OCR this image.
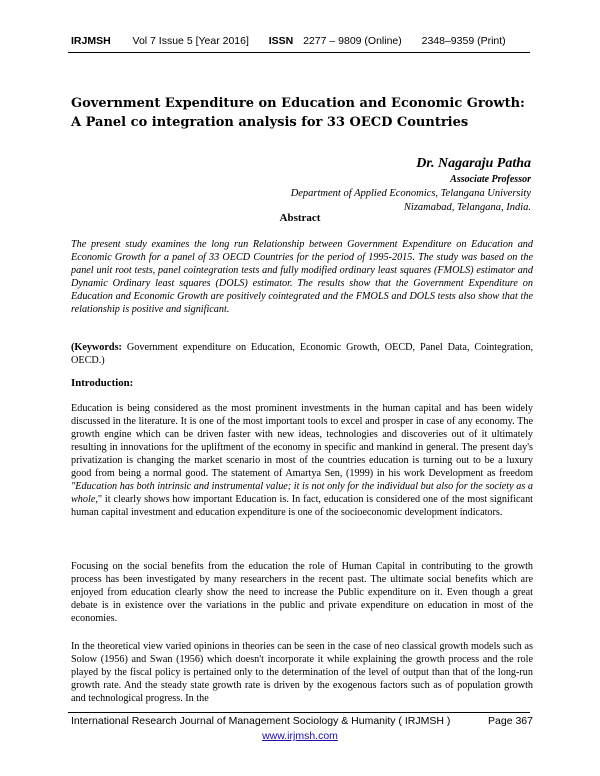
IRJMSH Vol 7 Issue 5 [Year 2016] ISSN 2277 – 9809 (Online) 2348–9359 (Print)
Government Expenditure on Education and Economic Growth: A Panel co integration analysis for 33 OECD Countries
Dr. Nagaraju Patha
Associate Professor
Department of Applied Economics, Telangana University
Nizamabad, Telangana, India.
Abstract
The present study examines the long run Relationship between Government Expenditure on Education and Economic Growth for a panel of 33 OECD Countries for the period of 1995-2015. The study was based on the panel unit root tests, panel cointegration tests and fully modified ordinary least squares (FMOLS) estimator and Dynamic Ordinary least squares (DOLS) estimator. The results show that the Government Expenditure on Education and Economic Growth are positively cointegrated and the FMOLS and DOLS tests also show that the relationship is positive and significant.
(Keywords: Government expenditure on Education, Economic Growth, OECD, Panel Data, Cointegration, OECD.)
Introduction:
Education is being considered as the most prominent investments in the human capital and has been widely discussed in the literature. It is one of the most important tools to excel and prosper in case of any economy. The growth engine which can be driven faster with new ideas, technologies and discoveries out of it ultimately resulting in innovations for the upliftment of the economy in specific and mankind in general. The present day's privatization is changing the market scenario in most of the countries education is turning out to be a luxury good from being a normal good. The statement of Amartya Sen, (1999) in his work Development as freedom "Education has both intrinsic and instrumental value; it is not only for the individual but also for the society as a whole," it clearly shows how important Education is. In fact, education is considered one of the most significant human capital investment and education expenditure is one of the socioeconomic development indicators.
Focusing on the social benefits from the education the role of Human Capital in contributing to the growth process has been investigated by many researchers in the recent past. The ultimate social benefits which are enjoyed from education clearly show the need to increase the Public expenditure on it. Even though a great debate is in existence over the variations in the public and private expenditure on education in most of the economies.
In the theoretical view varied opinions in theories can be seen in the case of neo classical growth models such as Solow (1956) and Swan (1956) which doesn't incorporate it while explaining the growth process and the role played by the fiscal policy is pertained only to the determination of the level of output than that of the long-run growth rate. And the steady state growth rate is driven by the exogenous factors such as of population growth and technological progress. In the
International Research Journal of Management Sociology & Humanity ( IRJMSH )	Page 367
www.irjmsh.com
